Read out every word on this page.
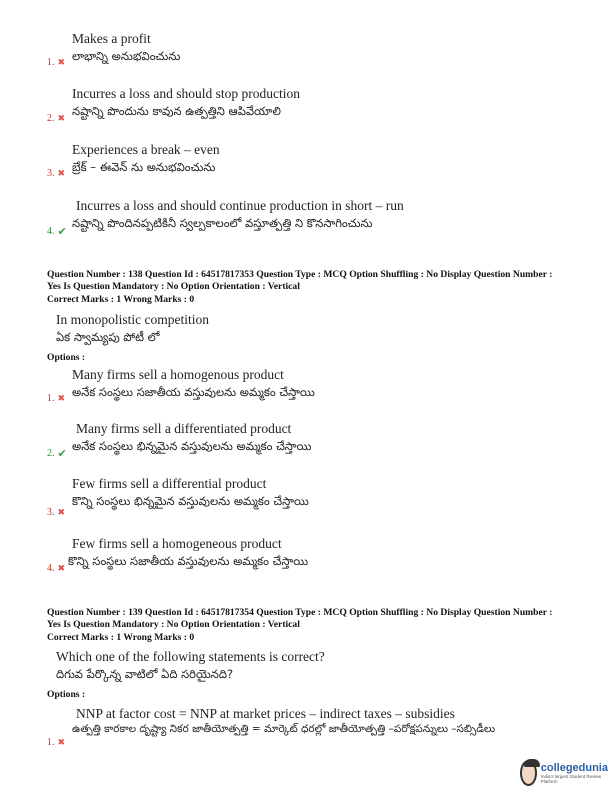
Makes a profit
లాభాన్ని అనుభవించును
1. ✖
Incurres a loss and should stop production
నష్టాన్ని పొందును కావున ఉత్పత్తిని ఆపివేయాలి
2. ✖
Experiences a break – even
బ్రేక్ – ఈవెన్ ను అనుభవించును
3. ✖
Incurres a loss and should continue production in short – run
నష్టాన్ని పొందినప్పటికినీ స్వల్పకాలంలో వస్తూత్పత్తి ని కొనసాగించును
4. ✔
Question Number : 138 Question Id : 64517817353 Question Type : MCQ Option Shuffling : No Display Question Number :
Yes Is Question Mandatory : No Option Orientation : Vertical
Correct Marks : 1 Wrong Marks : 0
In monopolistic competition
ఏక స్వామ్యపు పోటీ లో
Options :
Many firms sell a homogenous product
అనేక సంస్థలు సజాతీయ వస్తువులను అమ్మకం చేస్తాయి
1. ✖
Many firms sell a differentiated product
అనేక సంస్థలు భిన్నమైన వస్తువులను అమ్మకం చేస్తాయి
2. ✔
Few firms sell a differential product
కొన్ని సంస్థలు భిన్నమైన వస్తువులను అమ్మకం చేస్తాయి
3. ✖
Few firms sell a homogeneous product
కొన్ని సంస్థలు సజాతీయ వస్తువులను అమ్మకం చేస్తాయి
4. ✖
Question Number : 139 Question Id : 64517817354 Question Type : MCQ Option Shuffling : No Display Question Number :
Yes Is Question Mandatory : No Option Orientation : Vertical
Correct Marks : 1 Wrong Marks : 0
Which one of the following statements is correct?
దిగువ పేర్కొన్న వాటిలో ఏది సరియైనది?
Options :
NNP at factor cost = NNP at market prices – indirect taxes – subsidies
ఉత్పత్తి కారకాల దృష్ట్యా నికర జాతీయోత్పత్తి = మార్కెట్ ధరల్లో జాతీయోత్పత్తి –పరోక్షపన్నులు –సబ్సిడీలు
1. ✖
collegedunia
India's largest Student Review Platform
